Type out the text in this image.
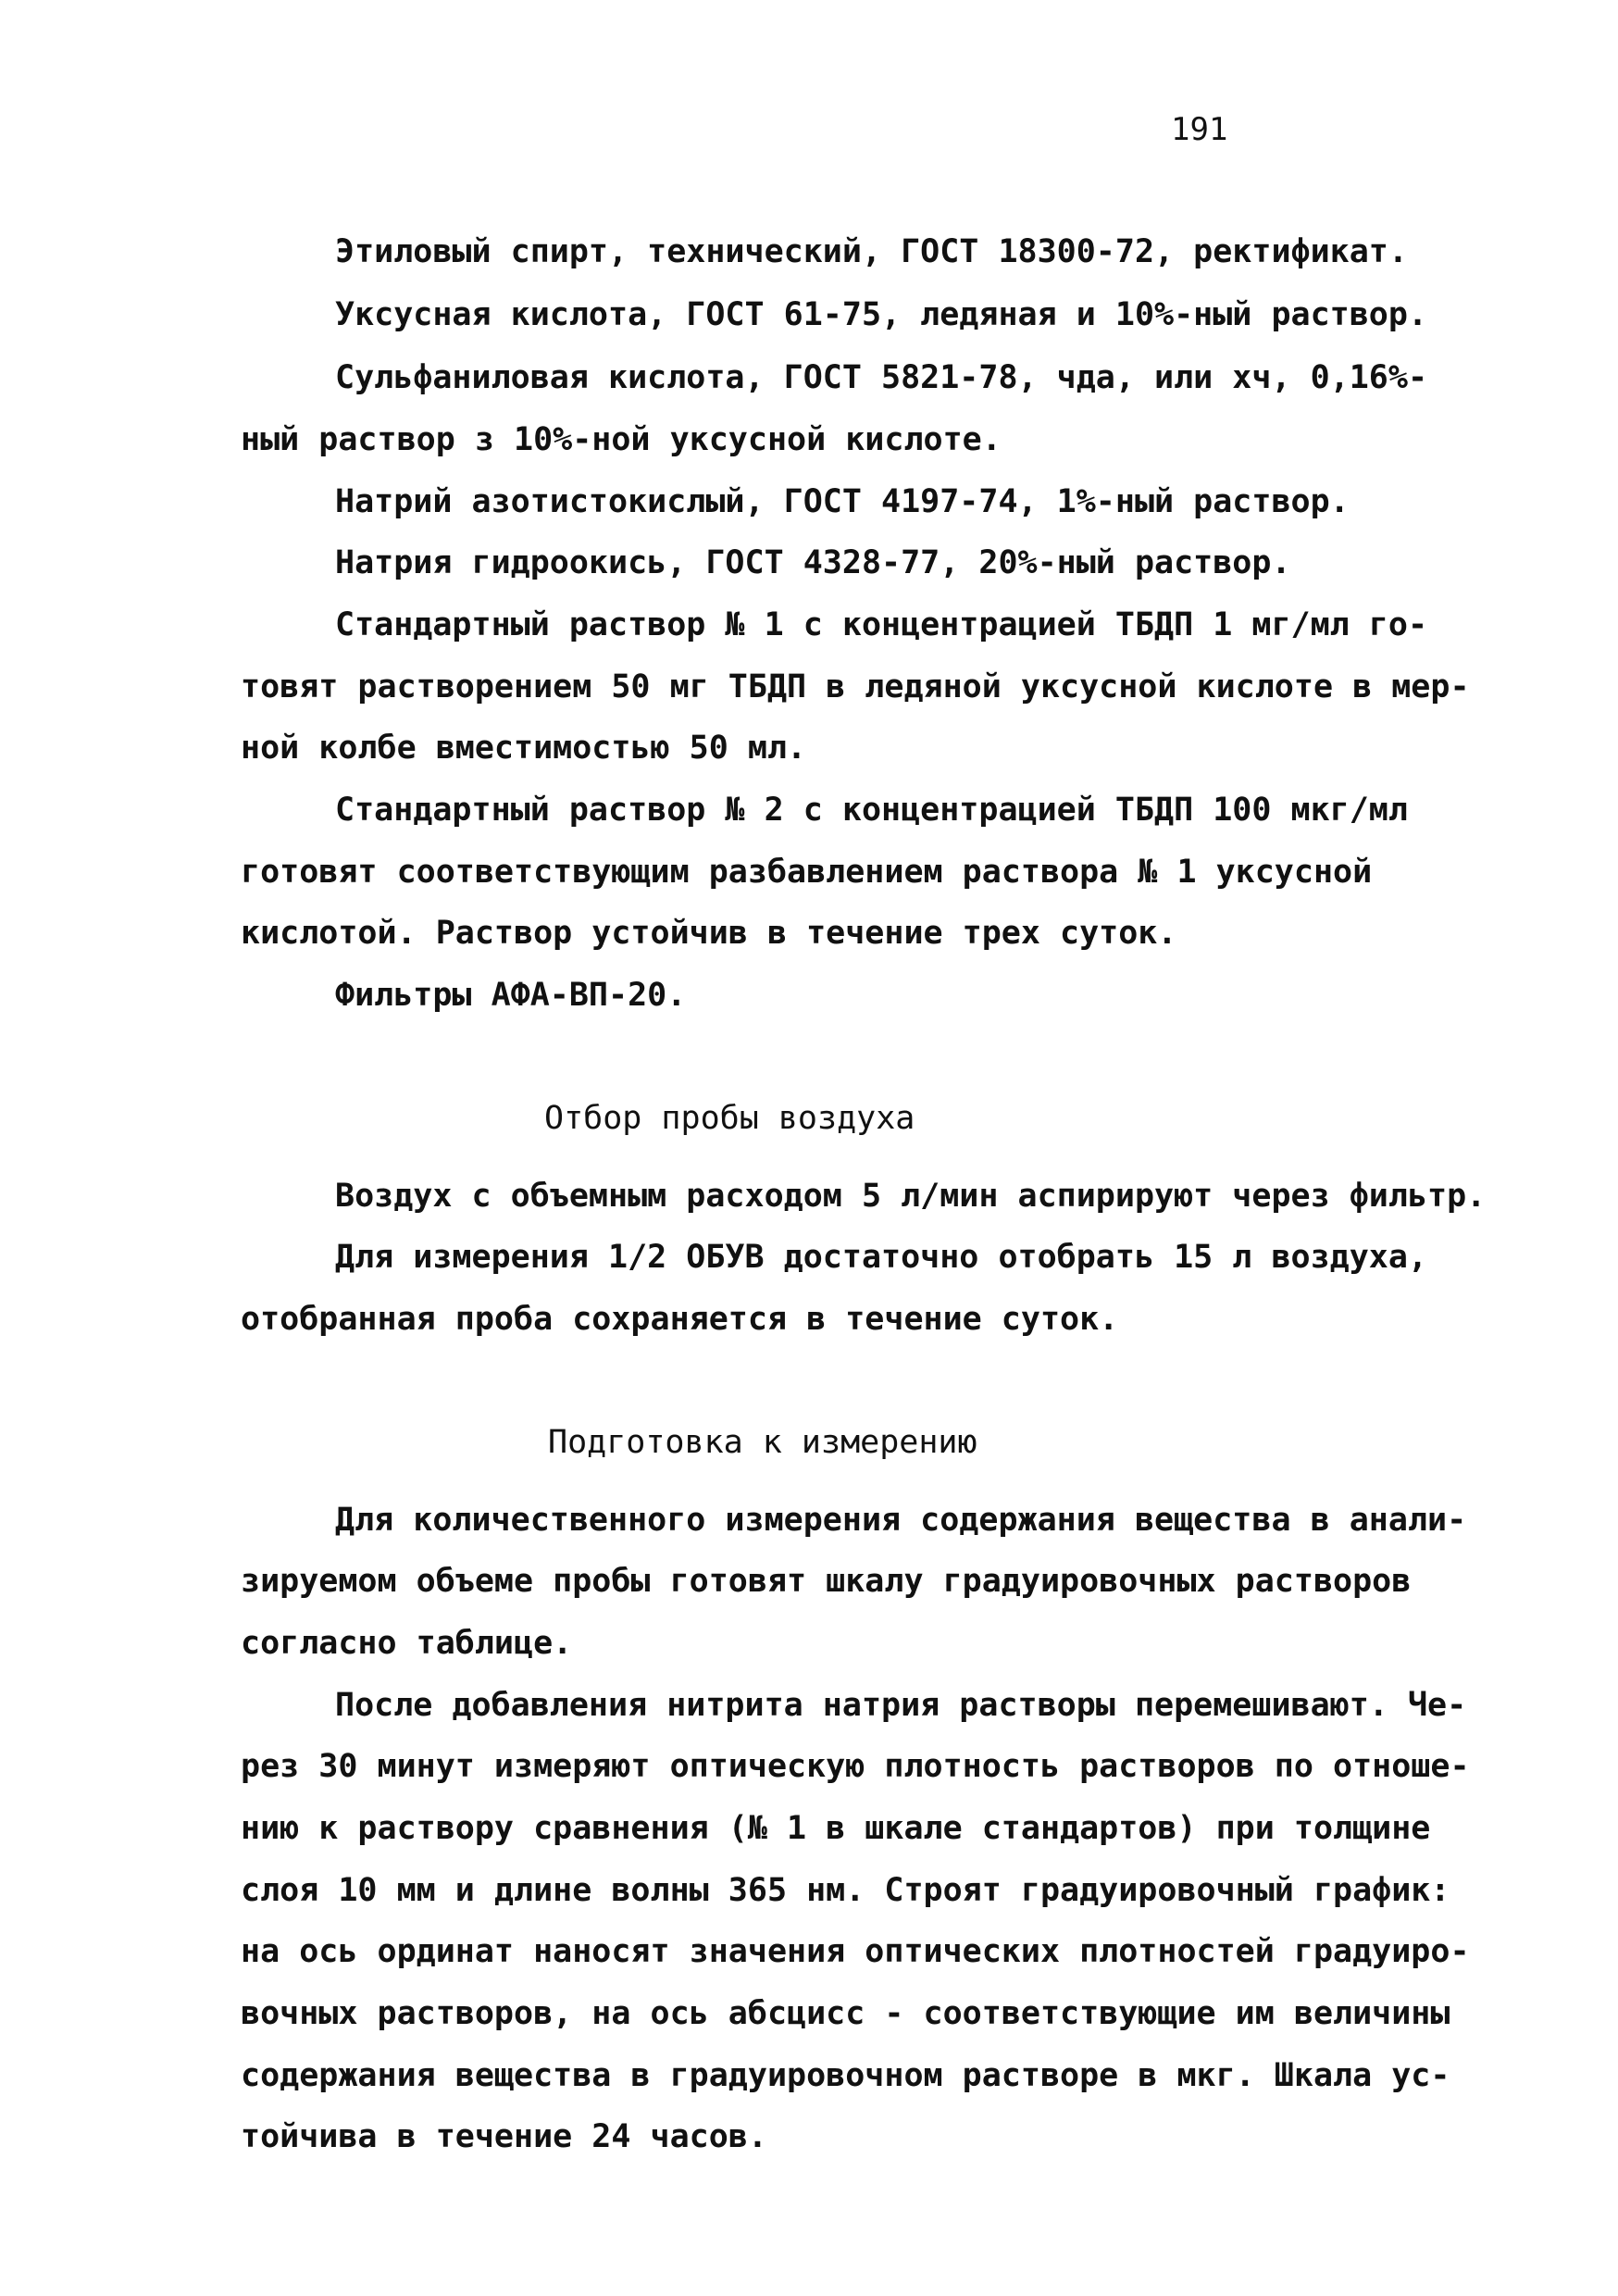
191
Этиловый спирт, технический, ГОСТ 18300-72, ректификат.
Уксусная кислота, ГОСТ 61-75, ледяная и 10%-ный раствор.
Сульфаниловая кислота, ГОСТ 5821-78, чда, или хч, 0,16%-
ный раствор з 10%-ной уксусной кислоте.
Натрий азотистокислый, ГОСТ 4197-74, 1%-ный раствор.
Натрия гидроокись, ГОСТ 4328-77, 20%-ный раствор.
Стандартный раствор № 1 с концентрацией ТБДП 1 мг/мл го-
товят растворением 50 мг ТБДП в ледяной уксусной кислоте в мер-
ной колбе вместимостью 50 мл.
Стандартный раствор № 2 с концентрацией ТБДП 100 мкг/мл
готовят соответствующим разбавлением раствора № 1 уксусной
кислотой. Раствор устойчив в течение трех суток.
Фильтры АФА-ВП-20.
Отбор пробы воздуха
Воздух с объемным расходом 5 л/мин аспирируют через фильтр.
Для измерения 1/2 ОБУВ достаточно отобрать 15 л воздуха,
отобранная проба сохраняется в течение суток.
Подготовка к измерению
Для количественного измерения содержания вещества в анали-
зируемом объеме пробы готовят шкалу градуировочных растворов
согласно таблице.
После добавления нитрита натрия растворы перемешивают. Че-
рез 30 минут измеряют оптическую плотность растворов по отноше-
нию к раствору сравнения (№ 1 в шкале стандартов) при толщине
слоя 10 мм и длине волны 365 нм. Строят градуировочный график:
на ось ординат наносят значения оптических плотностей градуиро-
вочных растворов, на ось абсцисс - соответствующие им величины
содержания вещества в градуировочном растворе в мкг. Шкала ус-
тойчива в течение 24 часов.
